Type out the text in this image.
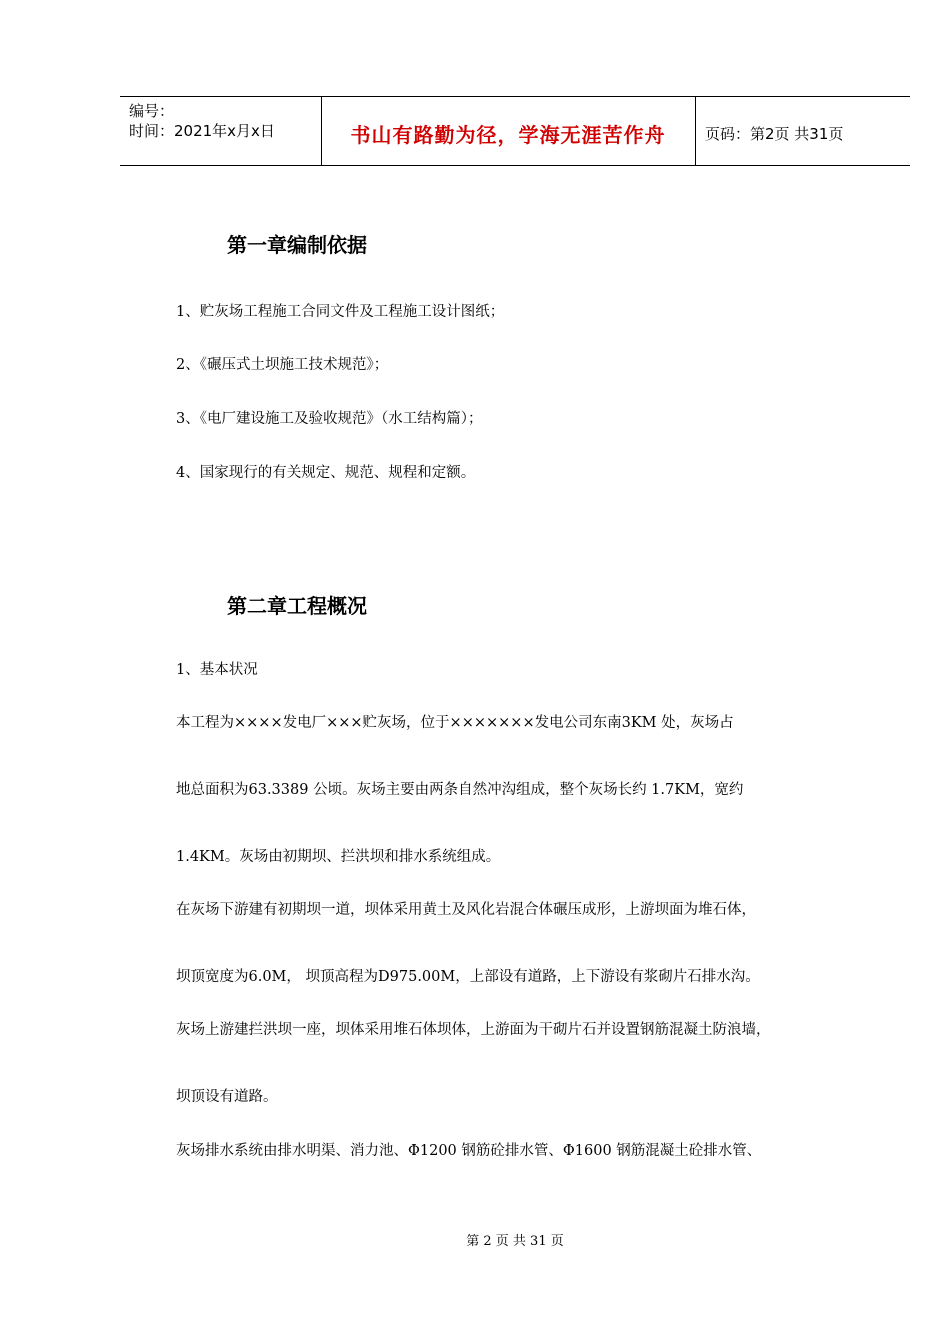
编号：
时间：2021年x月x日	书山有路勤为径，学海无涯苦作舟	页码：第2页 共31页
第一章编制依据
1、贮灰场工程施工合同文件及工程施工设计图纸；
2、《碾压式土坝施工技术规范》；
3、《电厂建设施工及验收规范》（水工结构篇）；
4、国家现行的有关规定、规范、规程和定额。
第二章工程概况
1、基本状况
本工程为××××发电厂×××贮灰场，位于×××××××发电公司东南3KM 处，灰场占
地总面积为63.3389 公顷。灰场主要由两条自然冲沟组成，整个灰场长约 1.7KM，宽约
1.4KM。灰场由初期坝、拦洪坝和排水系统组成。
在灰场下游建有初期坝一道，坝体采用黄土及风化岩混合体碾压成形，上游坝面为堆石体，
坝顶宽度为6.0M， 坝顶高程为D975.00M，上部设有道路，上下游设有浆砌片石排水沟。
灰场上游建拦洪坝一座，坝体采用堆石体坝体，上游面为干砌片石并设置钢筋混凝土防浪墙，
坝顶设有道路。
灰场排水系统由排水明渠、消力池、Φ1200 钢筋砼排水管、Φ1600 钢筋混凝土砼排水管、
第 2 页 共 31 页
